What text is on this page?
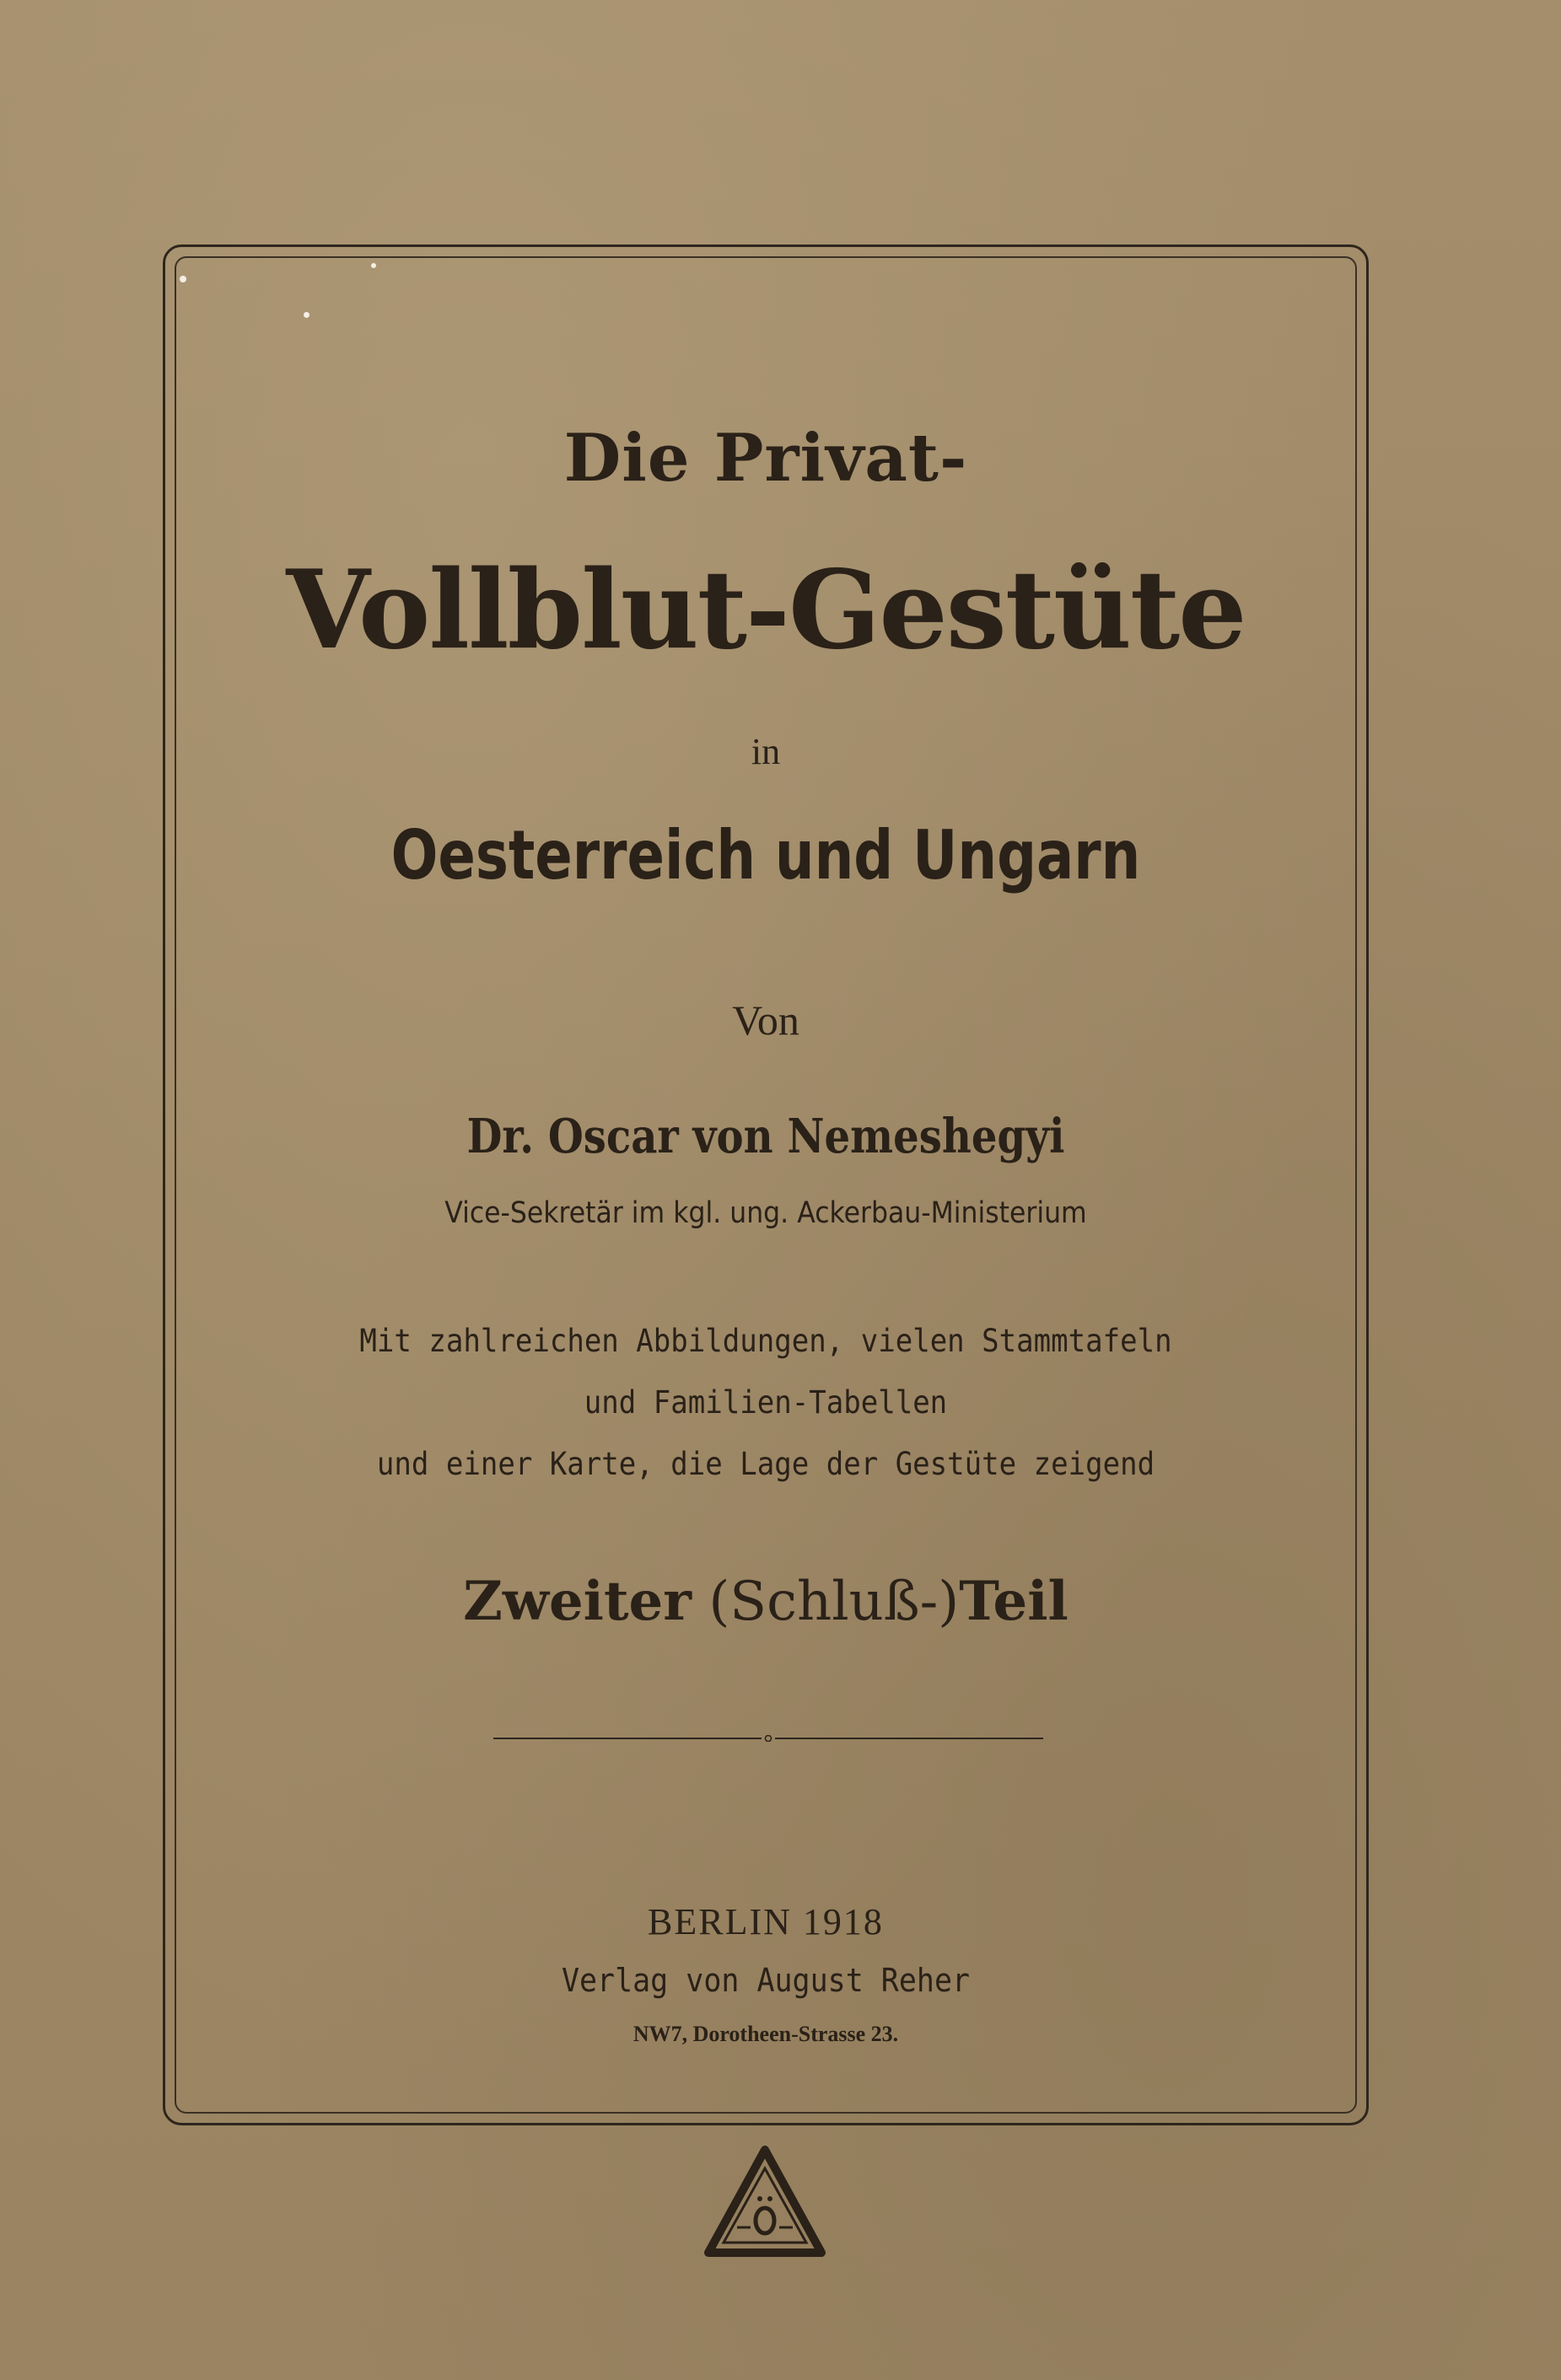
Die Privat-
Vollblut-Gestüte
in
Oesterreich und Ungarn
Von
Dr. Oscar von Nemeshegyi
Vice-Sekretär im kgl. ung. Ackerbau-Ministerium
Mit zahlreichen Abbildungen, vielen Stammtafeln
und Familien-Tabellen
und einer Karte, die Lage der Gestüte zeigend
Zweiter (Schluß-)Teil
BERLIN 1918
Verlag von August Reher
NW7, Dorotheen-Strasse 23.
